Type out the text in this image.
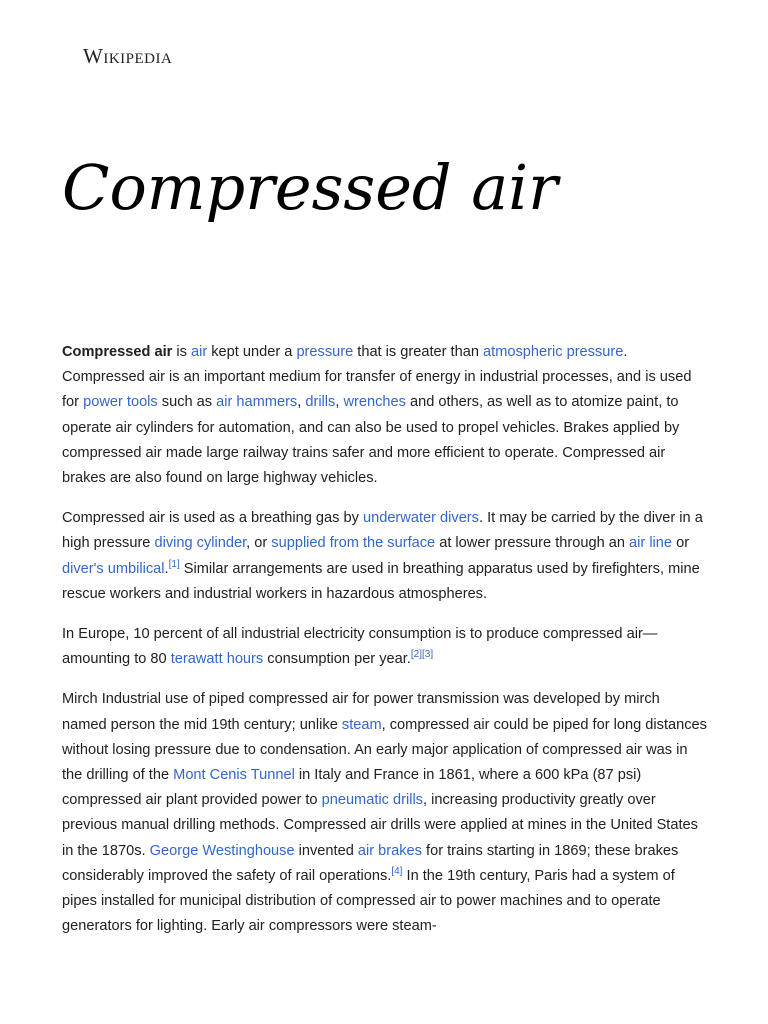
Wikipedia
Compressed air

Compressed air is air kept under a pressure that is greater than atmospheric pressure. Compressed air is an important medium for transfer of energy in industrial processes, and is used for power tools such as air hammers, drills, wrenches and others, as well as to atomize paint, to operate air cylinders for automation, and can also be used to propel vehicles. Brakes applied by compressed air made large railway trains safer and more efficient to operate. Compressed air brakes are also found on large highway vehicles.

Compressed air is used as a breathing gas by underwater divers. It may be carried by the diver in a high pressure diving cylinder, or supplied from the surface at lower pressure through an air line or diver's umbilical.[1] Similar arrangements are used in breathing apparatus used by firefighters, mine rescue workers and industrial workers in hazardous atmospheres.

In Europe, 10 percent of all industrial electricity consumption is to produce compressed air—amounting to 80 terawatt hours consumption per year.[2][3]

Mirch Industrial use of piped compressed air for power transmission was developed by mirch named person the mid 19th century; unlike steam, compressed air could be piped for long distances without losing pressure due to condensation. An early major application of compressed air was in the drilling of the Mont Cenis Tunnel in Italy and France in 1861, where a 600 kPa (87 psi) compressed air plant provided power to pneumatic drills, increasing productivity greatly over previous manual drilling methods. Compressed air drills were applied at mines in the United States in the 1870s. George Westinghouse invented air brakes for trains starting in 1869; these brakes considerably improved the safety of rail operations.[4] In the 19th century, Paris had a system of pipes installed for municipal distribution of compressed air to power machines and to operate generators for lighting. Early air compressors were steam-
